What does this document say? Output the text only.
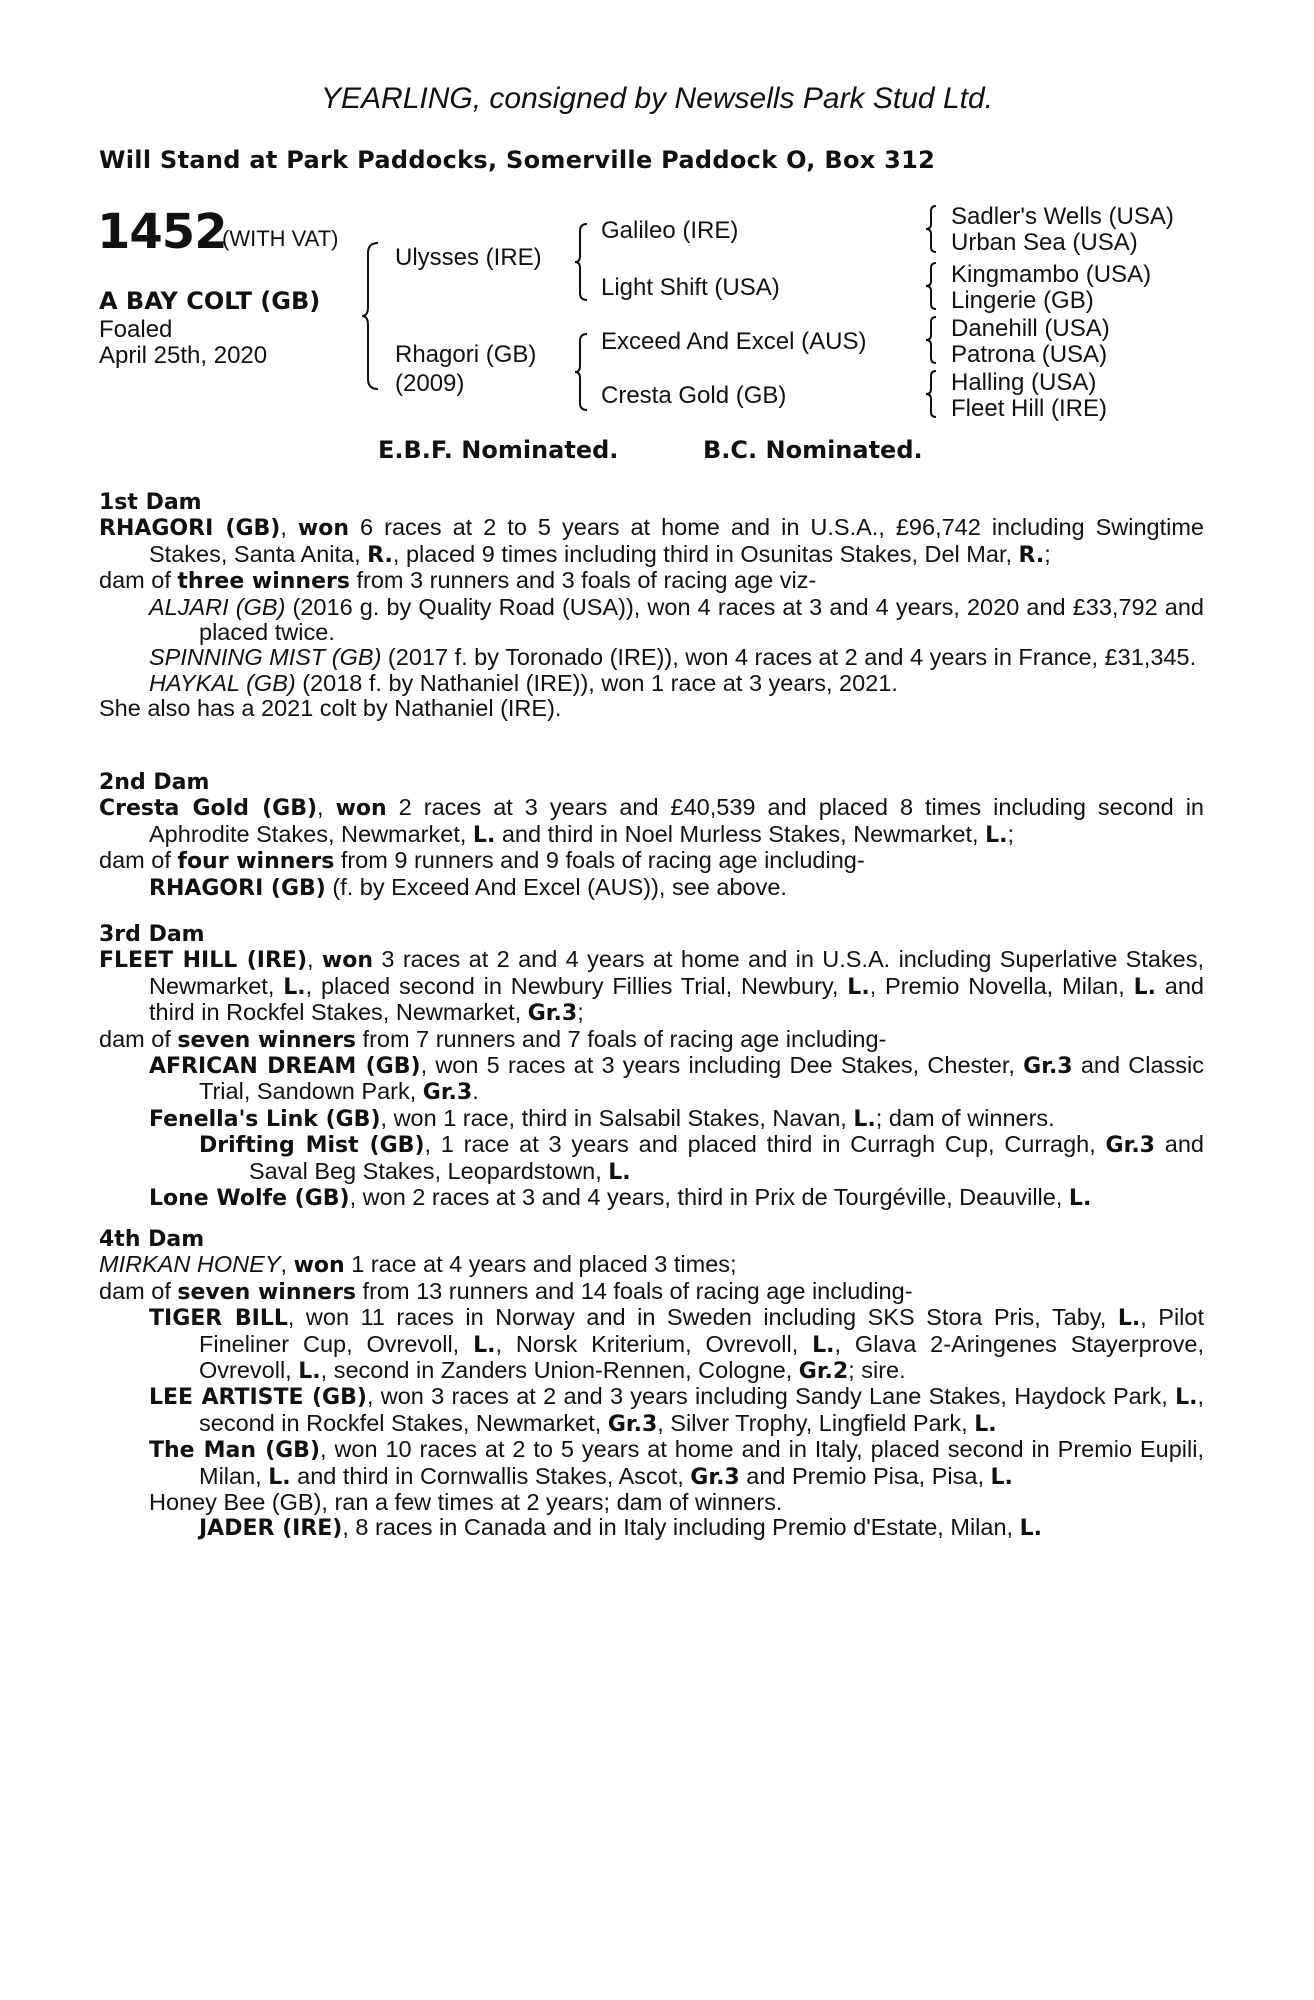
YEARLING, consigned by Newsells Park Stud Ltd.
Will Stand at Park Paddocks, Somerville Paddock O, Box 312
1452
(WITH VAT)
A BAY COLT (GB)
Foaled
April 25th, 2020
Ulysses (IRE)
Rhagori (GB)
(2009)
Galileo (IRE)
Light Shift (USA)
Exceed And Excel (AUS)
Cresta Gold (GB)
Sadler's Wells (USA)
Urban Sea (USA)
Kingmambo (USA)
Lingerie (GB)
Danehill (USA)
Patrona (USA)
Halling (USA)
Fleet Hill (IRE)
E.B.F. Nominated.	B.C. Nominated.
1st Dam

RHAGORI (GB), won 6 races at 2 to 5 years at home and in U.S.A., £96,742 including Swingtime Stakes, Santa Anita, R., placed 9 times including third in Osunitas Stakes, Del Mar, R.;

dam of three winners from 3 runners and 3 foals of racing age viz-

ALJARI (GB) (2016 g. by Quality Road (USA)), won 4 races at 3 and 4 years, 2020 and £33,792 and placed twice.

SPINNING MIST (GB) (2017 f. by Toronado (IRE)), won 4 races at 2 and 4 years in France, £31,345.

HAYKAL (GB) (2018 f. by Nathaniel (IRE)), won 1 race at 3 years, 2021.

She also has a 2021 colt by Nathaniel (IRE).

2nd Dam

Cresta Gold (GB), won 2 races at 3 years and £40,539 and placed 8 times including second in Aphrodite Stakes, Newmarket, L. and third in Noel Murless Stakes, Newmarket, L.;

dam of four winners from 9 runners and 9 foals of racing age including-

RHAGORI (GB) (f. by Exceed And Excel (AUS)), see above.

3rd Dam

FLEET HILL (IRE), won 3 races at 2 and 4 years at home and in U.S.A. including Superlative Stakes, Newmarket, L., placed second in Newbury Fillies Trial, Newbury, L., Premio Novella, Milan, L. and third in Rockfel Stakes, Newmarket, Gr.3;

dam of seven winners from 7 runners and 7 foals of racing age including-

AFRICAN DREAM (GB), won 5 races at 3 years including Dee Stakes, Chester, Gr.3 and Classic Trial, Sandown Park, Gr.3.

Fenella's Link (GB), won 1 race, third in Salsabil Stakes, Navan, L.; dam of winners.

Drifting Mist (GB), 1 race at 3 years and placed third in Curragh Cup, Curragh, Gr.3 and Saval Beg Stakes, Leopardstown, L.

Lone Wolfe (GB), won 2 races at 3 and 4 years, third in Prix de Tourgéville, Deauville, L.

4th Dam

MIRKAN HONEY, won 1 race at 4 years and placed 3 times;

dam of seven winners from 13 runners and 14 foals of racing age including-

TIGER BILL, won 11 races in Norway and in Sweden including SKS Stora Pris, Taby, L., Pilot Fineliner Cup, Ovrevoll, L., Norsk Kriterium, Ovrevoll, L., Glava 2-Aringenes Stayerprove, Ovrevoll, L., second in Zanders Union-Rennen, Cologne, Gr.2; sire.

LEE ARTISTE (GB), won 3 races at 2 and 3 years including Sandy Lane Stakes, Haydock Park, L., second in Rockfel Stakes, Newmarket, Gr.3, Silver Trophy, Lingfield Park, L.

The Man (GB), won 10 races at 2 to 5 years at home and in Italy, placed second in Premio Eupili, Milan, L. and third in Cornwallis Stakes, Ascot, Gr.3 and Premio Pisa, Pisa, L.

Honey Bee (GB), ran a few times at 2 years; dam of winners.

JADER (IRE), 8 races in Canada and in Italy including Premio d'Estate, Milan, L.
